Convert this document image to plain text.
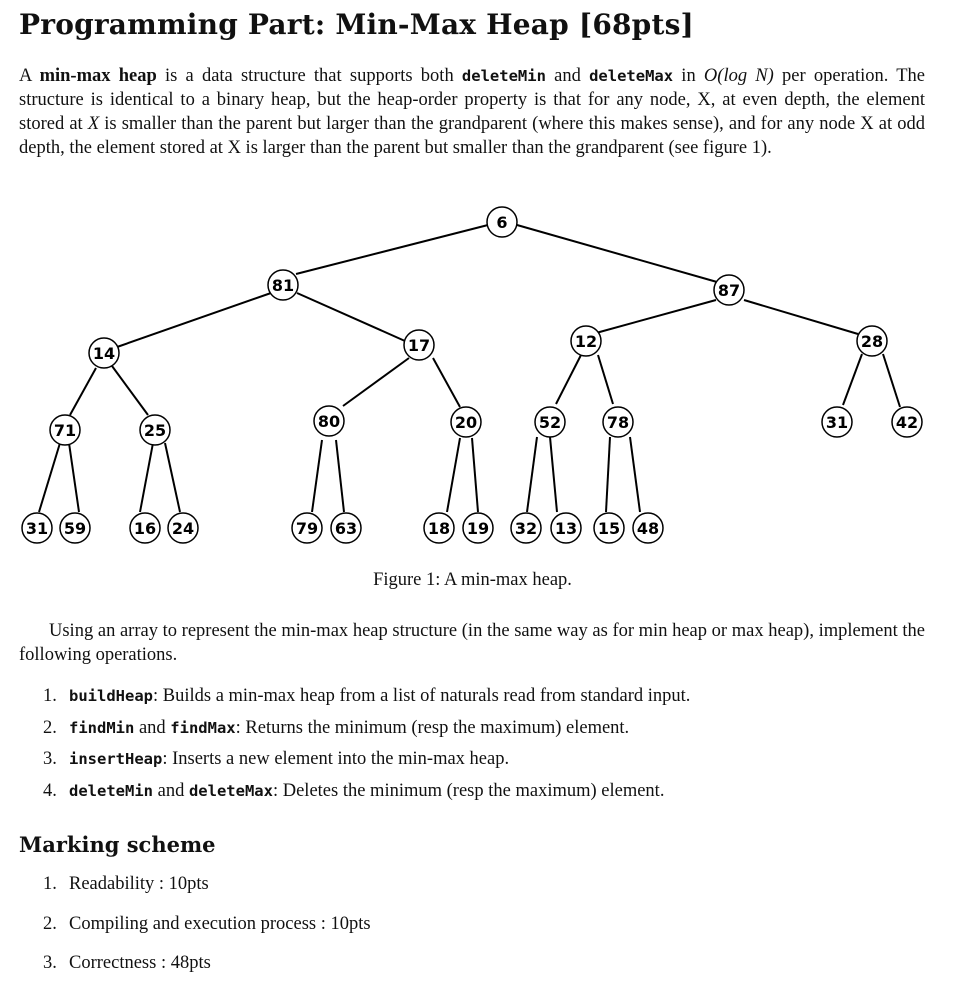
Programming Part: Min-Max Heap [68pts]
A min-max heap is a data structure that supports both deleteMin and deleteMax in O(log N) per operation. The structure is identical to a binary heap, but the heap-order property is that for any node, X, at even depth, the element stored at X is smaller than the parent but larger than the grandparent (where this makes sense), and for any node X at odd depth, the element stored at X is larger than the parent but smaller than the grandparent (see figure 1).
6
81	87
14	17	12	28
71	25	80	20	52	78	31	42
31 59	16 24	79 63	18 19 32 13 15 48
Figure 1: A min-max heap.
Using an array to represent the min-max heap structure (in the same way as for min heap or max heap), implement the following operations.
1. buildHeap: Builds a min-max heap from a list of naturals read from standard input.
2. findMin and findMax: Returns the minimum (resp the maximum) element.
3. insertHeap: Inserts a new element into the min-max heap.
4. deleteMin and deleteMax: Deletes the minimum (resp the maximum) element.
Marking scheme
1. Readability : 10pts
2. Compiling and execution process : 10pts
3. Correctness : 48pts
